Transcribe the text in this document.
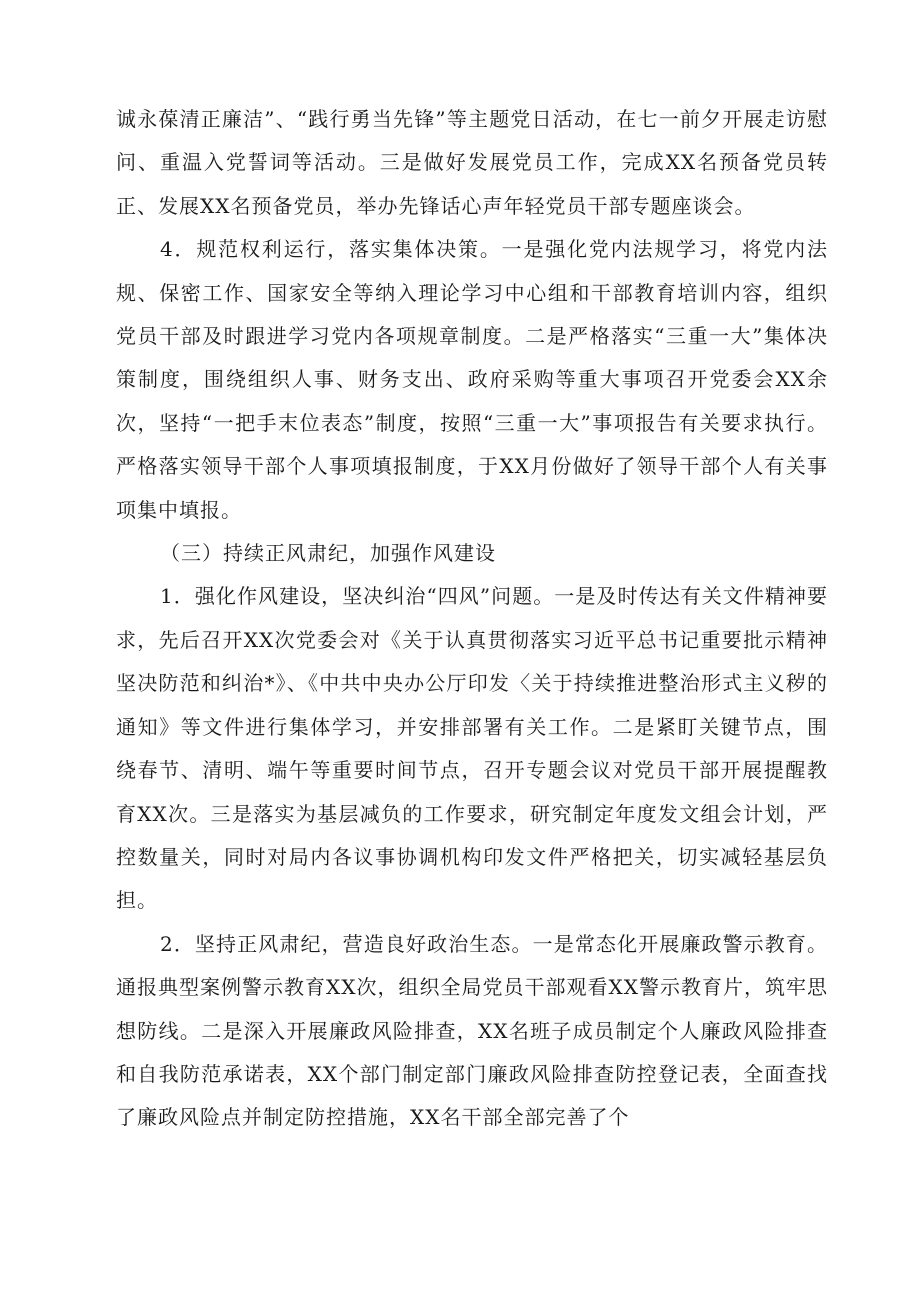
诚永葆清正廉洁”、“践行勇当先锋”等主题党日活动，在七一前夕开展走访慰问、重温入党誓词等活动。三是做好发展党员工作，完成XX名预备党员转正、发展XX名预备党员，举办先锋话心声年轻党员干部专题座谈会。

4．规范权利运行，落实集体决策。一是强化党内法规学习，将党内法规、保密工作、国家安全等纳入理论学习中心组和干部教育培训内容，组织党员干部及时跟进学习党内各项规章制度。二是严格落实“三重一大”集体决策制度，围绕组织人事、财务支出、政府采购等重大事项召开党委会XX余次，坚持“一把手末位表态”制度，按照“三重一大”事项报告有关要求执行。严格落实领导干部个人事项填报制度，于XX月份做好了领导干部个人有关事项集中填报。

（三）持续正风肃纪，加强作风建设

1．强化作风建设，坚决纠治“四风”问题。一是及时传达有关文件精神要求，先后召开XX次党委会对《关于认真贯彻落实习近平总书记重要批示精神坚决防范和纠治*》、《中共中央办公厅印发〈关于持续推进整治形式主义秽的通知》等文件进行集体学习，并安排部署有关工作。二是紧盯关键节点，围绕春节、清明、端午等重要时间节点，召开专题会议对党员干部开展提醒教育XX次。三是落实为基层减负的工作要求，研究制定年度发文组会计划，严控数量关，同时对局内各议事协调机构印发文件严格把关，切实减轻基层负担。

2．坚持正风肃纪，营造良好政治生态。一是常态化开展廉政警示教育。通报典型案例警示教育XX次，组织全局党员干部观看XX警示教育片，筑牢思想防线。二是深入开展廉政风险排查，XX名班子成员制定个人廉政风险排查和自我防范承诺表，XX个部门制定部门廉政风险排查防控登记表，全面查找了廉政风险点并制定防控措施，XX名干部全部完善了个
